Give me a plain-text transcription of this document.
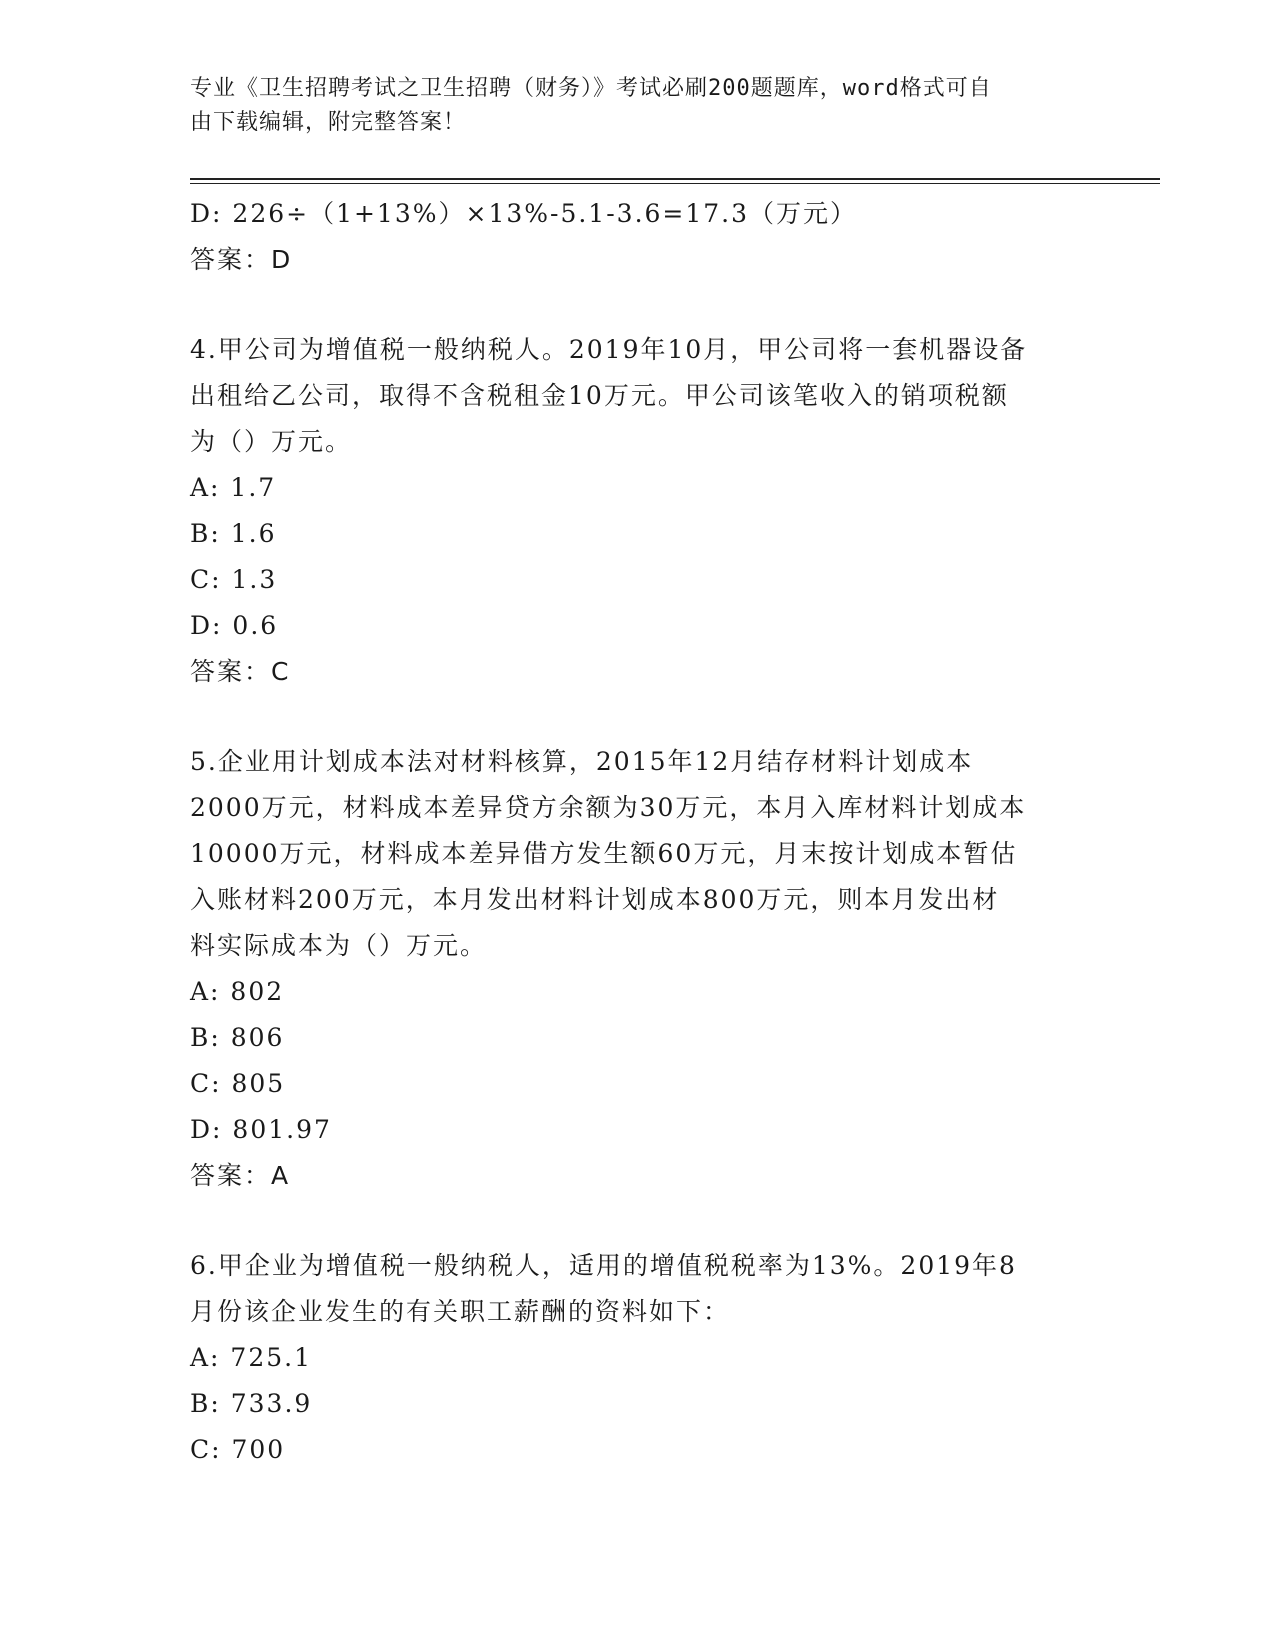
专业《卫生招聘考试之卫生招聘（财务）》考试必刷200题题库，word格式可自
由下载编辑，附完整答案！
D: 226÷（1+13%）×13%-5.1-3.6=17.3（万元）
答案：D
4.甲公司为增值税一般纳税人。2019年10月，甲公司将一套机器设备
出租给乙公司，取得不含税租金10万元。甲公司该笔收入的销项税额
为（）万元。
A: 1.7
B: 1.6
C: 1.3
D: 0.6
答案：C
5.企业用计划成本法对材料核算，2015年12月结存材料计划成本
2000万元，材料成本差异贷方余额为30万元，本月入库材料计划成本
10000万元，材料成本差异借方发生额60万元，月末按计划成本暂估
入账材料200万元，本月发出材料计划成本800万元，则本月发出材
料实际成本为（）万元。
A: 802
B: 806
C: 805
D: 801.97
答案：A
6.甲企业为增值税一般纳税人，适用的增值税税率为13%。2019年8
月份该企业发生的有关职工薪酬的资料如下：
A: 725.1
B: 733.9
C: 700
